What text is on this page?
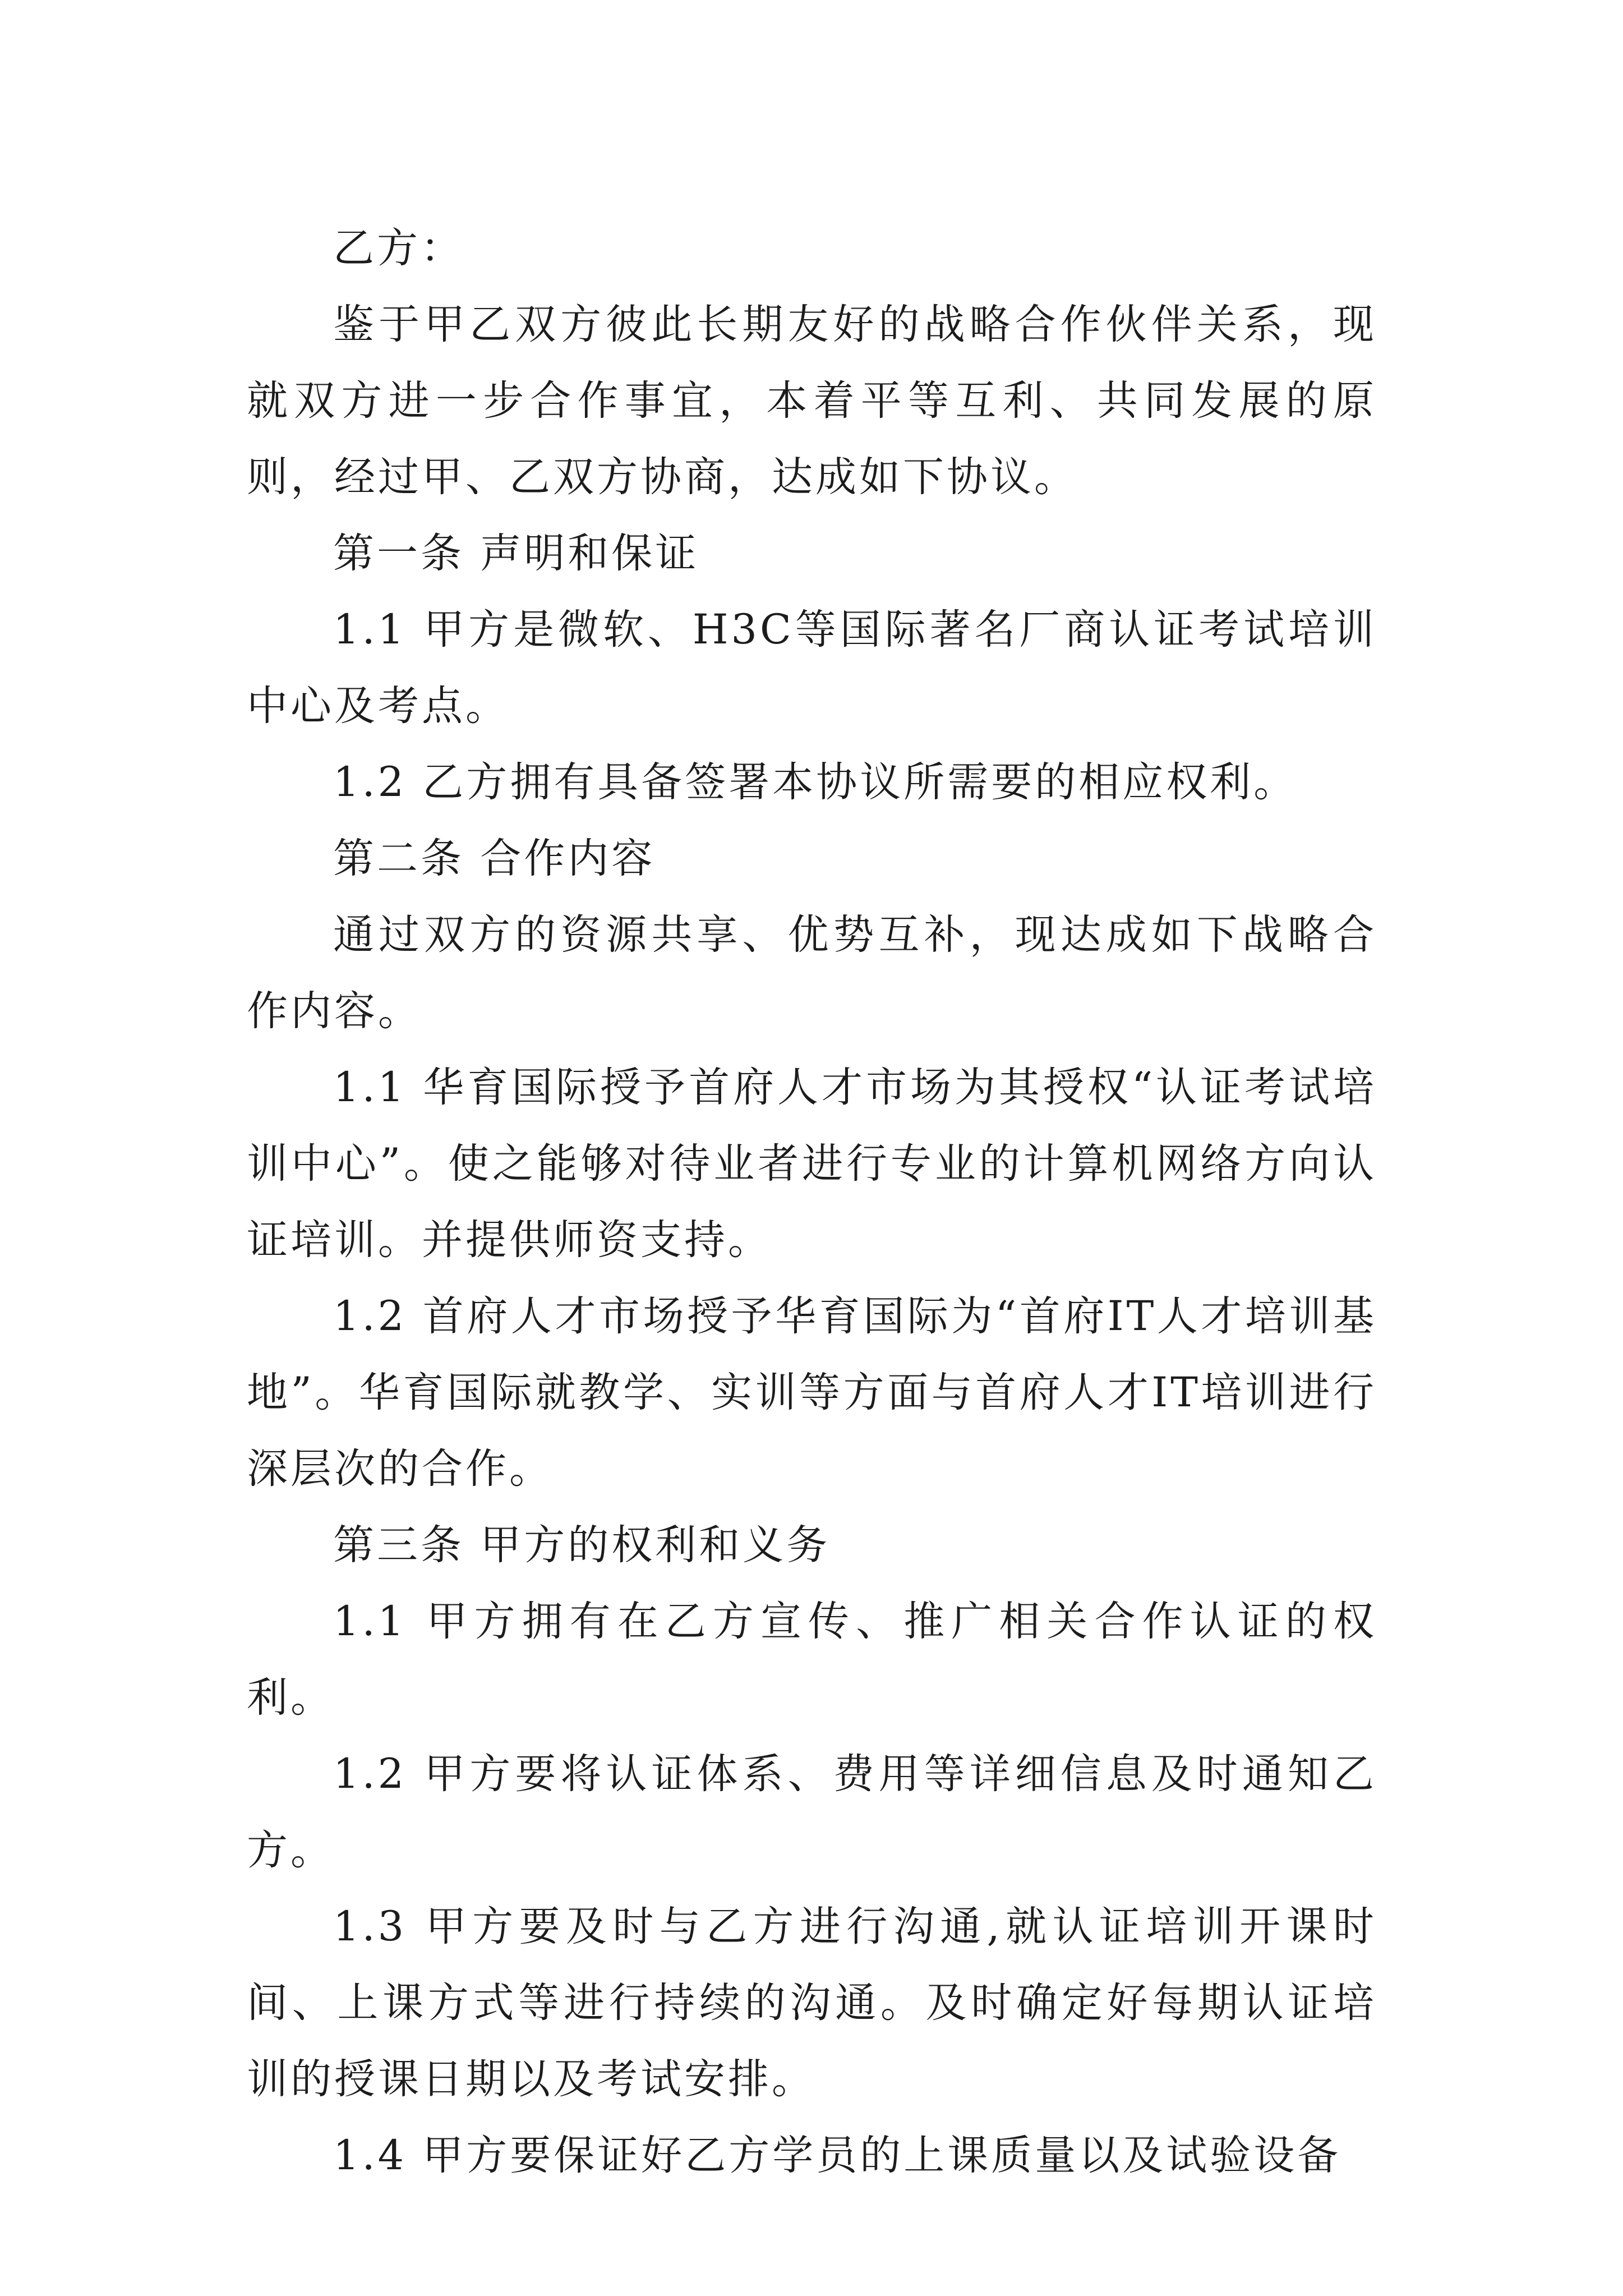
乙方：

鉴于甲乙双方彼此长期友好的战略合作伙伴关系，现就双方进一步合作事宜，本着平等互利、共同发展的原则，经过甲、乙双方协商，达成如下协议。

第一条 声明和保证

1.1 甲方是微软、H3C等国际著名厂商认证考试培训中心及考点。

1.2 乙方拥有具备签署本协议所需要的相应权利。

第二条 合作内容

通过双方的资源共享、优势互补，现达成如下战略合作内容。

1.1 华育国际授予首府人才市场为其授权“认证考试培训中心”。使之能够对待业者进行专业的计算机网络方向认证培训。并提供师资支持。

1.2 首府人才市场授予华育国际为“首府IT人才培训基地”。华育国际就教学、实训等方面与首府人才IT培训进行深层次的合作。

第三条 甲方的权利和义务

1.1 甲方拥有在乙方宣传、推广相关合作认证的权利。

1.2 甲方要将认证体系、费用等详细信息及时通知乙方。

1.3 甲方要及时与乙方进行沟通,就认证培训开课时间、上课方式等进行持续的沟通。及时确定好每期认证培训的授课日期以及考试安排。

1.4 甲方要保证好乙方学员的上课质量以及试验设备
